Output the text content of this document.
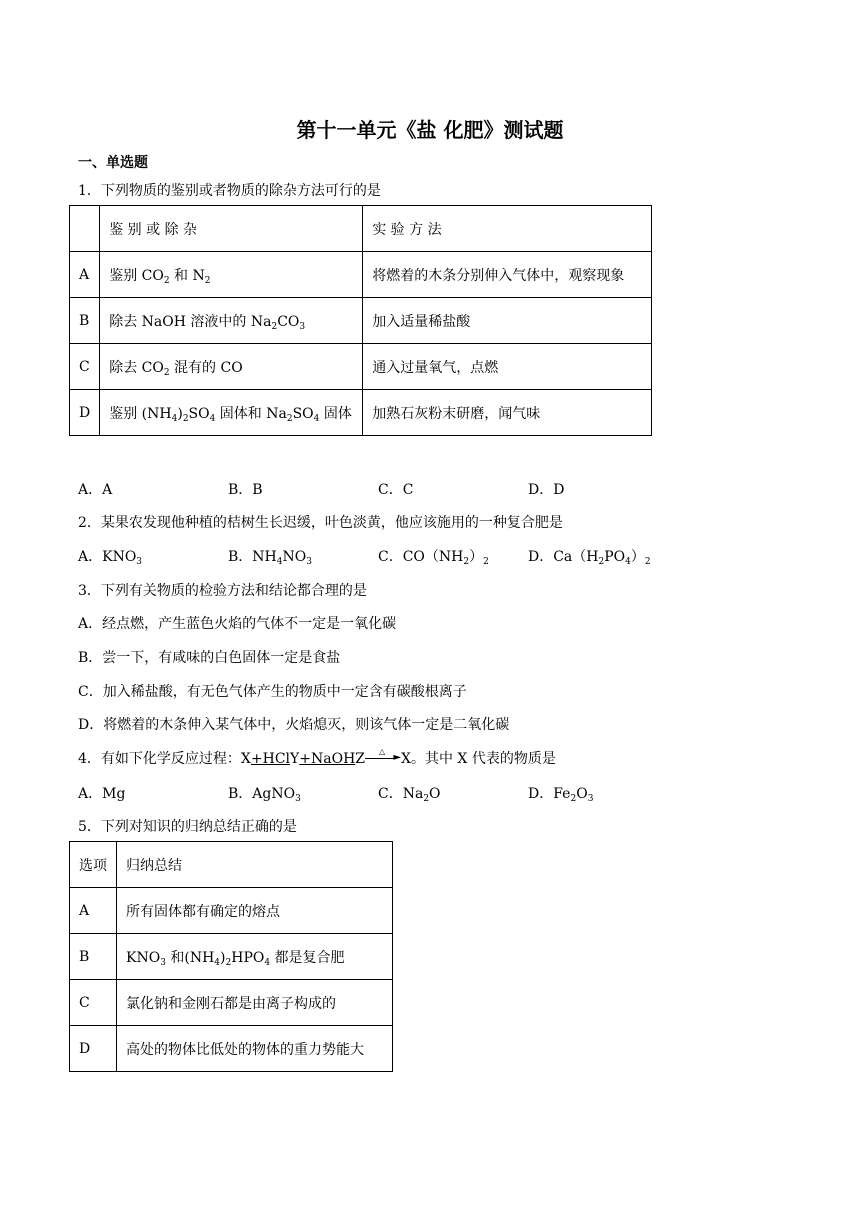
第十一单元《盐 化肥》测试题
一、单选题
1．下列物质的鉴别或者物质的除杂方法可行的是
	鉴 别 或 除 杂	实 验 方 法
A	鉴别 $CO_2$ 和 $N_2$	将燃着的木条分别伸入气体中，观察现象
B	除去 NaOH 溶液中的 $Na_2CO_3$	加入适量稀盐酸
C	除去 $CO_2$ 混有的 CO	通入过量氧气，点燃
D	鉴别 $(NH_4)_2SO_4$ 固体和 $Na_2SO_4$ 固体	加熟石灰粉末研磨，闻气味
A．A	B．B	C．C	D．D
2．某果农发现他种植的桔树生长迟缓，叶色淡黄，他应该施用的一种复合肥是
A．$KNO_3$	B．$NH_4NO_3$	C．$CO(NH_2)_2$	D．$Ca(H_2PO_4)_2$
3．下列有关物质的检验方法和结论都合理的是
A．经点燃，产生蓝色火焰的气体不一定是一氧化碳
B．尝一下，有咸味的白色固体一定是食盐
C．加入稀盐酸，有无色气体产生的物质中一定含有碳酸根离子
D．将燃着的木条伸入某气体中，火焰熄灭，则该气体一定是二氧化碳
4．有如下化学反应过程：X+HClY+NaOHZ △
► X。其中 X 代表的物质是
A．Mg	B．AgNO$_3$	C．$Na_2O$	D．$Fe_2O_3$
5．下列对知识的归纳总结正确的是
选项	归纳总结
A	所有固体都有确定的熔点
B	$KNO_3$ 和$(NH_4)_2HPO_4$ 都是复合肥
C	氯化钠和金刚石都是由离子构成的
D	高处的物体比低处的物体的重力势能大
